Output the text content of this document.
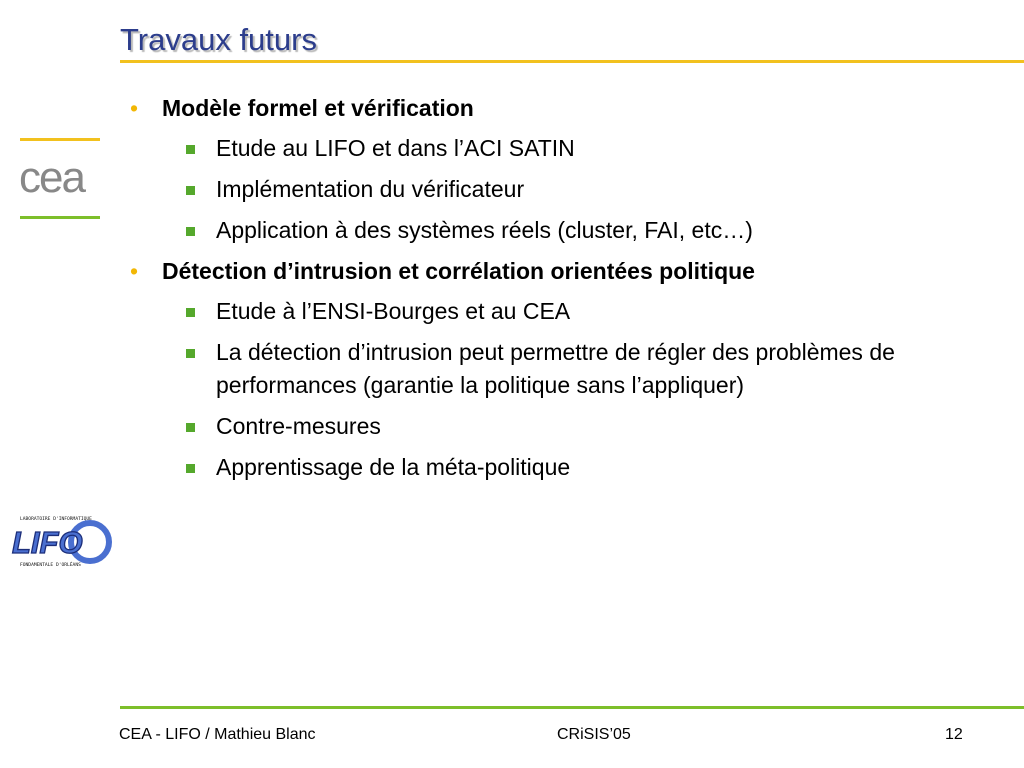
Travaux futurs
cea
LABORATOIRE D'INFORMATIQUE
LIFO
FONDAMENTALE D'ORLÉANS
• Modèle formel et vérification
Etude au LIFO et dans l’ACI SATIN
Implémentation du vérificateur
Application à des systèmes réels (cluster, FAI, etc…)
• Détection d’intrusion et corrélation orientées politique
Etude à l’ENSI-Bourges et au CEA
La détection d’intrusion peut permettre de régler des problèmes de performances (garantie la politique sans l’appliquer)
Contre-mesures
Apprentissage de la méta-politique
CEA - LIFO / Mathieu Blanc	CRiSIS’05	12
